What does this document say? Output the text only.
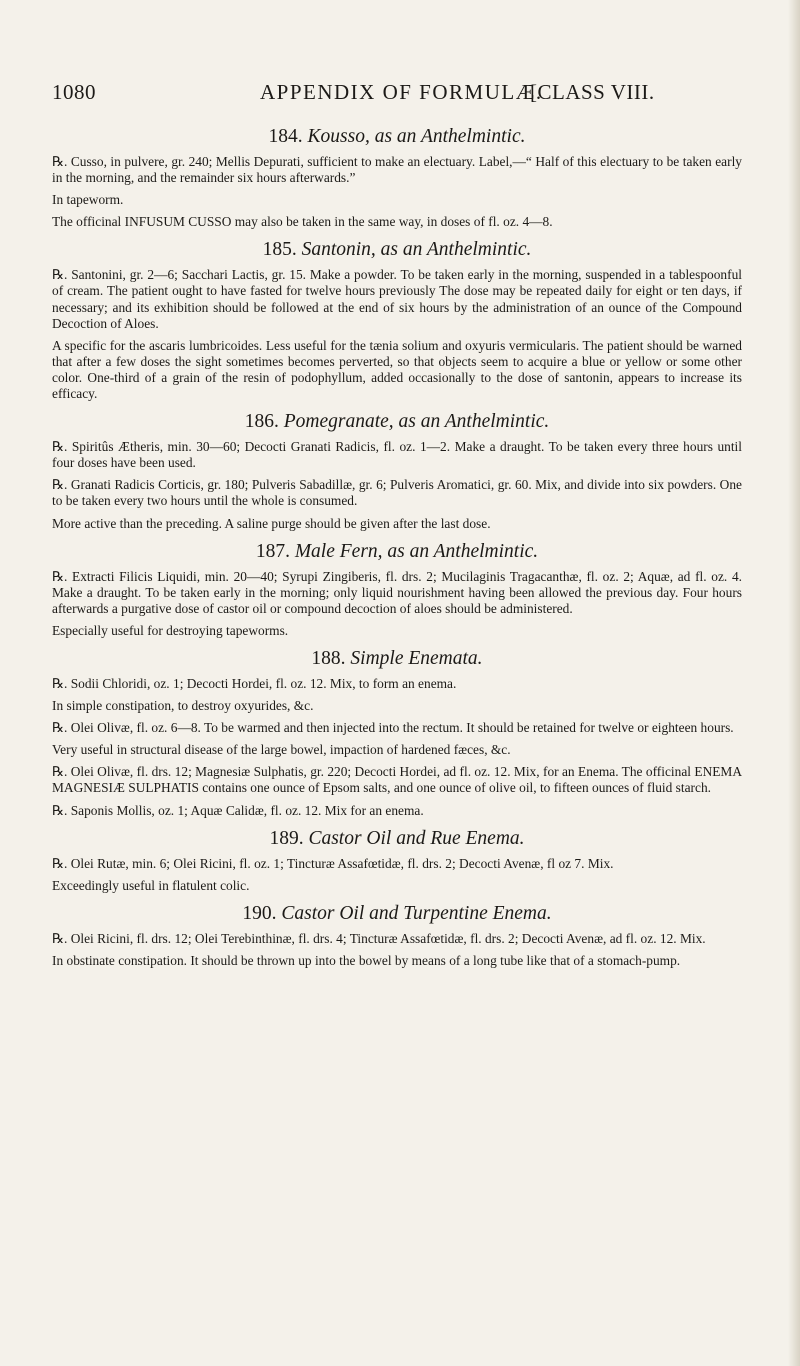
1080	APPENDIX OF FORMULÆ.
[CLASS VIII.
184. Kousso, as an Anthelmintic.

℞. Cusso, in pulvere, gr. 240; Mellis Depurati, sufficient to make an electuary. Label,—“ Half of this electuary to be taken early in the morning, and the remainder six hours afterwards.”

In tapeworm.

The officinal INFUSUM CUSSO may also be taken in the same way, in doses of fl. oz. 4—8.

185. Santonin, as an Anthelmintic.

℞. Santonini, gr. 2—6; Sacchari Lactis, gr. 15. Make a powder. To be taken early in the morning, suspended in a tablespoonful of cream. The patient ought to have fasted for twelve hours previously The dose may be repeated daily for eight or ten days, if necessary; and its exhibition should be followed at the end of six hours by the administration of an ounce of the Compound Decoction of Aloes.

A specific for the ascaris lumbricoides. Less useful for the tænia solium and oxyuris vermicularis. The patient should be warned that after a few doses the sight sometimes becomes perverted, so that objects seem to acquire a blue or yellow or some other color. One-third of a grain of the resin of podophyllum, added occasionally to the dose of santonin, appears to increase its efficacy.

186. Pomegranate, as an Anthelmintic.

℞. Spiritûs Ætheris, min. 30—60; Decocti Granati Radicis, fl. oz. 1—2. Make a draught. To be taken every three hours until four doses have been used.

℞. Granati Radicis Corticis, gr. 180; Pulveris Sabadillæ, gr. 6; Pulveris Aromatici, gr. 60. Mix, and divide into six powders. One to be taken every two hours until the whole is consumed.

More active than the preceding. A saline purge should be given after the last dose.

187. Male Fern, as an Anthelmintic.

℞. Extracti Filicis Liquidi, min. 20—40; Syrupi Zingiberis, fl. drs. 2; Mucilaginis Tragacanthæ, fl. oz. 2; Aquæ, ad fl. oz. 4. Make a draught. To be taken early in the morning; only liquid nourishment having been allowed the previous day. Four hours afterwards a purgative dose of castor oil or compound decoction of aloes should be administered.

Especially useful for destroying tapeworms.

188. Simple Enemata.

℞. Sodii Chloridi, oz. 1; Decocti Hordei, fl. oz. 12. Mix, to form an enema.

In simple constipation, to destroy oxyurides, &c.

℞. Olei Olivæ, fl. oz. 6—8. To be warmed and then injected into the rectum. It should be retained for twelve or eighteen hours.

Very useful in structural disease of the large bowel, impaction of hardened fæces, &c.

℞. Olei Olivæ, fl. drs. 12; Magnesiæ Sulphatis, gr. 220; Decocti Hordei, ad fl. oz. 12. Mix, for an Enema. The officinal ENEMA MAGNESIÆ SULPHATIS contains one ounce of Epsom salts, and one ounce of olive oil, to fifteen ounces of fluid starch.

℞. Saponis Mollis, oz. 1; Aquæ Calidæ, fl. oz. 12. Mix for an enema.

189. Castor Oil and Rue Enema.

℞. Olei Rutæ, min. 6; Olei Ricini, fl. oz. 1; Tincturæ Assafœtidæ, fl. drs. 2; Decocti Avenæ, fl oz 7. Mix.

Exceedingly useful in flatulent colic.

190. Castor Oil and Turpentine Enema.

℞. Olei Ricini, fl. drs. 12; Olei Terebinthinæ, fl. drs. 4; Tincturæ Assafœtidæ, fl. drs. 2; Decocti Avenæ, ad fl. oz. 12. Mix.

In obstinate constipation. It should be thrown up into the bowel by means of a long tube like that of a stomach-pump.
